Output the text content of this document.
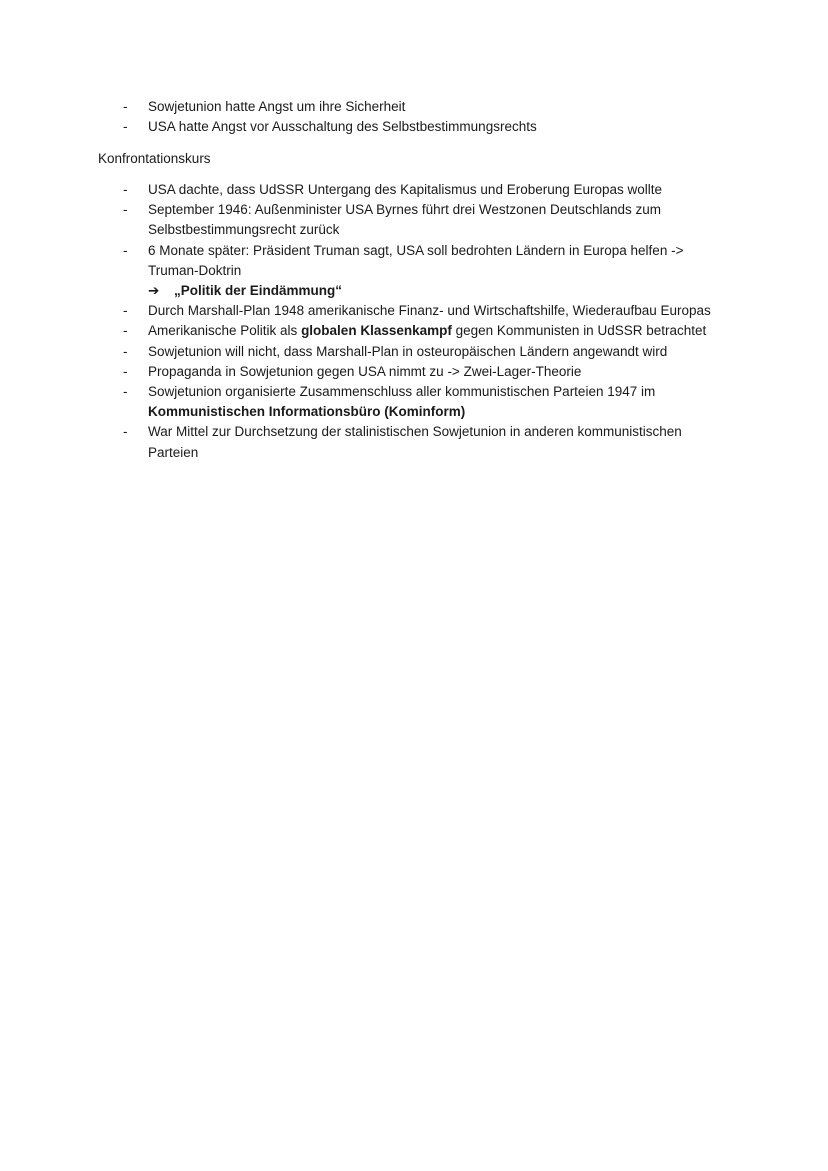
- Sowjetunion hatte Angst um ihre Sicherheit
- USA hatte Angst vor Ausschaltung des Selbstbestimmungsrechts
Konfrontationskurs
- USA dachte, dass UdSSR Untergang des Kapitalismus und Eroberung Europas wollte
- September 1946: Außenminister USA Byrnes führt drei Westzonen Deutschlands zum Selbstbestimmungsrecht zurück
- 6 Monate später: Präsident Truman sagt, USA soll bedrohten Ländern in Europa helfen -> Truman-Doktrin
➔ „Politik der Eindämmung“
- Durch Marshall-Plan 1948 amerikanische Finanz- und Wirtschaftshilfe, Wiederaufbau Europas
- Amerikanische Politik als globalen Klassenkampf gegen Kommunisten in UdSSR betrachtet
- Sowjetunion will nicht, dass Marshall-Plan in osteuropäischen Ländern angewandt wird
- Propaganda in Sowjetunion gegen USA nimmt zu -> Zwei-Lager-Theorie
- Sowjetunion organisierte Zusammenschluss aller kommunistischen Parteien 1947 im
Kommunistischen Informationsbüro (Kominform)
- War Mittel zur Durchsetzung der stalinistischen Sowjetunion in anderen kommunistischen Parteien
